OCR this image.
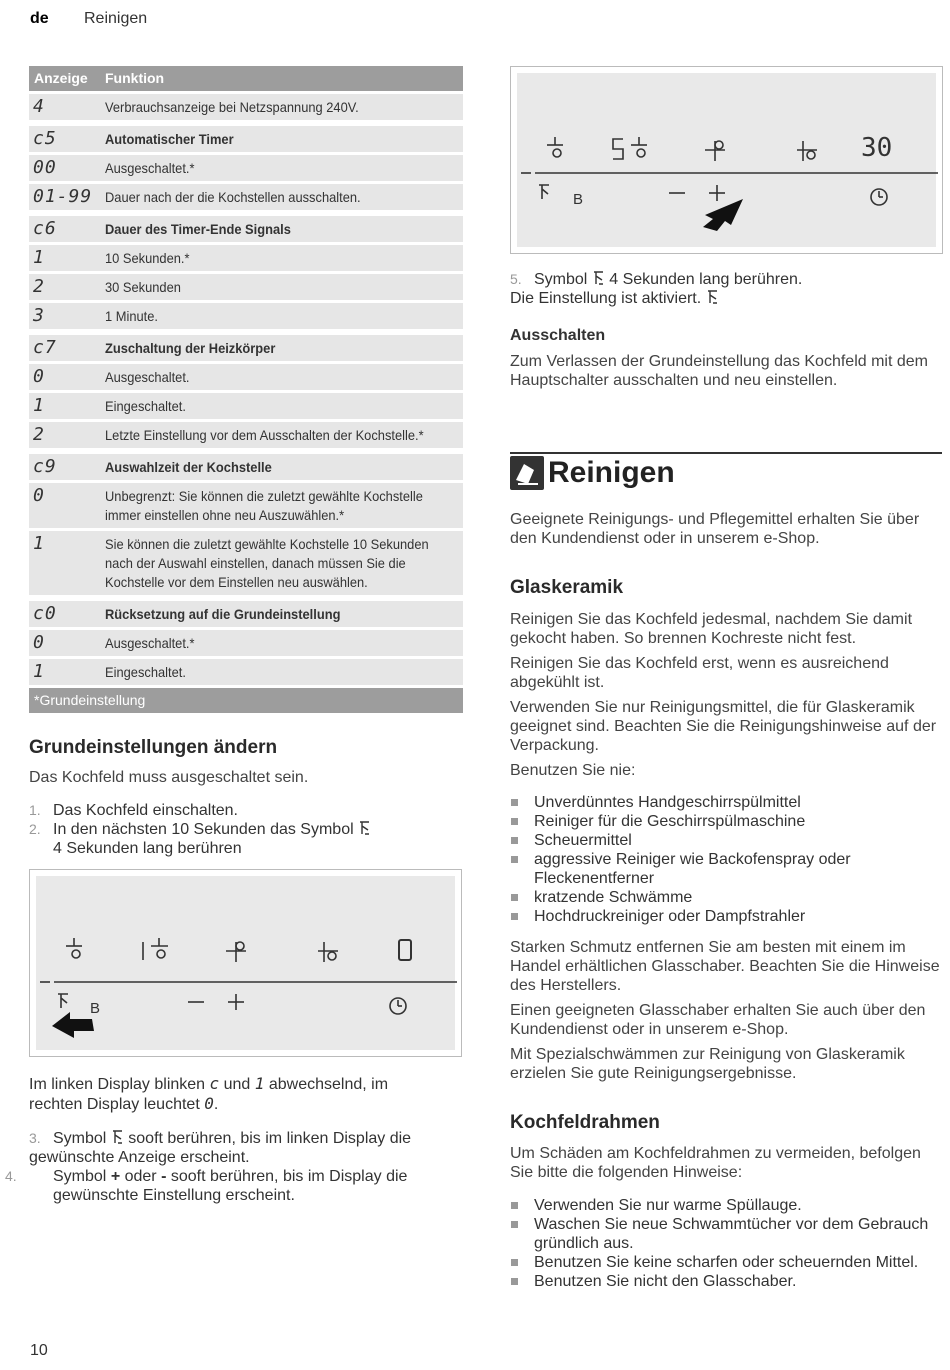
de Reinigen
Anzeige Funktion
4	Verbrauchsanzeige bei Netzspannung 240V.
c5	Automatischer Timer
00	Ausgeschaltet.*
01-99 Dauer nach der die Kochstellen ausschalten.
c6	Dauer des Timer-Ende Signals
1	10 Sekunden.*
2	30 Sekunden
3	1 Minute.
c7	Zuschaltung der Heizkörper
0	Ausgeschaltet.
1	Eingeschaltet.
2	Letzte Einstellung vor dem Ausschalten der Kochstelle.*
c9	Auswahlzeit der Kochstelle
0	Unbegrenzt: Sie können die zuletzt gewählte Kochstelle immer einstellen ohne neu Auszuwählen.*
1	Sie können die zuletzt gewählte Kochstelle 10 Sekunden nach der Auswahl einstellen, danach müssen Sie die Kochstelle vor dem Einstellen neu auswählen.
c0	Rücksetzung auf die Grundeinstellung
0	Ausgeschaltet.*
1	Eingeschaltet.
*Grundeinstellung
Grundeinstellungen ändern
Das Kochfeld muss ausgeschaltet sein.
1. Das Kochfeld einschalten.
2. In den nächsten 10 Sekunden das Symbol
4 Sekunden lang berühren
B
Im linken Display blinken c und 1 abwechselnd, im
rechten Display leuchtet 0.
3. Symbol sooft berühren, bis im linken Display die gewünschte Anzeige erscheint.
4. Symbol + oder - sooft berühren, bis im Display die gewünschte Einstellung erscheint.
30
B
5. Symbol 4 Sekunden lang berühren.
Die Einstellung ist aktiviert.
Ausschalten
Zum Verlassen der Grundeinstellung das Kochfeld mit dem Hauptschalter ausschalten und neu einstellen.
Reinigen
Geeignete Reinigungs- und Pflegemittel erhalten Sie über den Kundendienst oder in unserem e-Shop.
Glaskeramik
Reinigen Sie das Kochfeld jedesmal, nachdem Sie damit gekocht haben. So brennen Kochreste nicht fest.
Reinigen Sie das Kochfeld erst, wenn es ausreichend abgekühlt ist.
Verwenden Sie nur Reinigungsmittel, die für Glaskeramik geeignet sind. Beachten Sie die Reinigungshinweise auf der Verpackung.
Benutzen Sie nie:
Unverdünntes Handgeschirrspülmittel
Reiniger für die Geschirrspülmaschine
Scheuermittel
aggressive Reiniger wie Backofenspray oder Fleckenentferner
kratzende Schwämme
Hochdruckreiniger oder Dampfstrahler
Starken Schmutz entfernen Sie am besten mit einem im Handel erhältlichen Glasschaber. Beachten Sie die Hinweise des Herstellers.
Einen geeigneten Glasschaber erhalten Sie auch über den Kundendienst oder in unserem e-Shop.
Mit Spezialschwämmen zur Reinigung von Glaskeramik erzielen Sie gute Reinigungsergebnisse.
Kochfeldrahmen
Um Schäden am Kochfeldrahmen zu vermeiden, befolgen Sie bitte die folgenden Hinweise:
Verwenden Sie nur warme Spüllauge.
Waschen Sie neue Schwammtücher vor dem Gebrauch gründlich aus.
Benutzen Sie keine scharfen oder scheuernden Mittel.
Benutzen Sie nicht den Glasschaber.
10
